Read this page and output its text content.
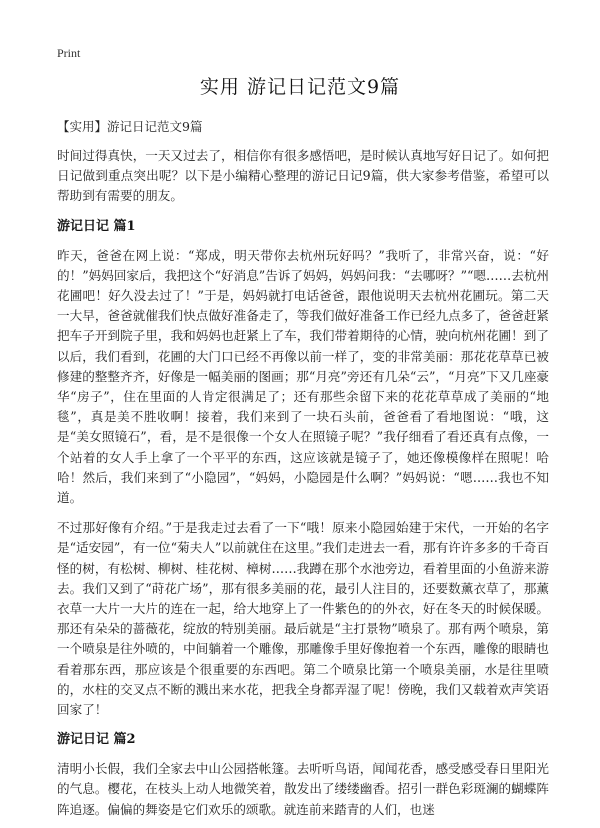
Print
实用 游记日记范文9篇
【实用】游记日记范文9篇

时间过得真快，一天又过去了，相信你有很多感悟吧，是时候认真地写好日记了。如何把日记做到重点突出呢？以下是小编精心整理的游记日记9篇，供大家参考借鉴，希望可以帮助到有需要的朋友。

游记日记 篇1

昨天，爸爸在网上说：“郑成，明天带你去杭州玩好吗？”我听了，非常兴奋，说：“好的！”妈妈回家后，我把这个“好消息”告诉了妈妈，妈妈问我：“去哪呀？”“嗯……去杭州花圃吧！好久没去过了！”于是，妈妈就打电话爸爸，跟他说明天去杭州花圃玩。第二天一大早，爸爸就催我们快点做好准备走了，等我们做好准备工作已经九点多了，爸爸赶紧把车子开到院子里，我和妈妈也赶紧上了车，我们带着期待的心情，驶向杭州花圃！到了以后，我们看到，花圃的大门口已经不再像以前一样了，变的非常美丽：那花花草草已被修建的整整齐齐，好像是一幅美丽的图画；那“月亮”旁还有几朵“云”，“月亮”下又几座豪华“房子”，住在里面的人肯定很满足了；还有那些余留下来的花花草草成了美丽的“地毯”，真是美不胜收啊！接着，我们来到了一块石头前，爸爸看了看地图说：“哦，这是“美女照镜石”，看，是不是很像一个女人在照镜子呢？”我仔细看了看还真有点像，一个站着的女人手上拿了一个平平的东西，这应该就是镜子了，她还像模像样在照呢！哈哈！然后，我们来到了“小隐园”，“妈妈，小隐园是什么啊？”妈妈说：“嗯……我也不知道。

不过那好像有介绍。”于是我走过去看了一下“哦！原来小隐园始建于宋代，一开始的名字是“适安园”，有一位“菊夫人”以前就住在这里。”我们走进去一看，那有许许多多的千奇百怪的树，有松树、柳树、桂花树、樟树……我蹲在那个水池旁边，看着里面的小鱼游来游去。我们又到了“莳花广场”，那有很多美丽的花，最引人注目的，还要数薰衣草了，那薰衣草一大片一大片的连在一起，给大地穿上了一件紫色的的外衣，好在冬天的时候保暖。那还有朵朵的蔷薇花，绽放的特别美丽。最后就是“主打景物”喷泉了。那有两个喷泉，第一个喷泉是往外喷的，中间躺着一个雕像，那雕像手里好像抱着一个东西，雕像的眼睛也看着那东西，那应该是个很重要的东西吧。第二个喷泉比第一个喷泉美丽，水是往里喷的，水柱的交叉点不断的溅出来水花，把我全身都弄湿了呢！傍晚，我们又载着欢声笑语回家了！

游记日记 篇2

清明小长假，我们全家去中山公园搭帐篷。去听听鸟语，闻闻花香，感受感受春日里阳光的气息。樱花，在枝头上动人地微笑着，散发出了缕缕幽香。招引一群色彩斑澜的蝴蝶阵阵追逐。偏偏的舞姿是它们欢乐的颂歌。就连前来踏青的人们，也迷
